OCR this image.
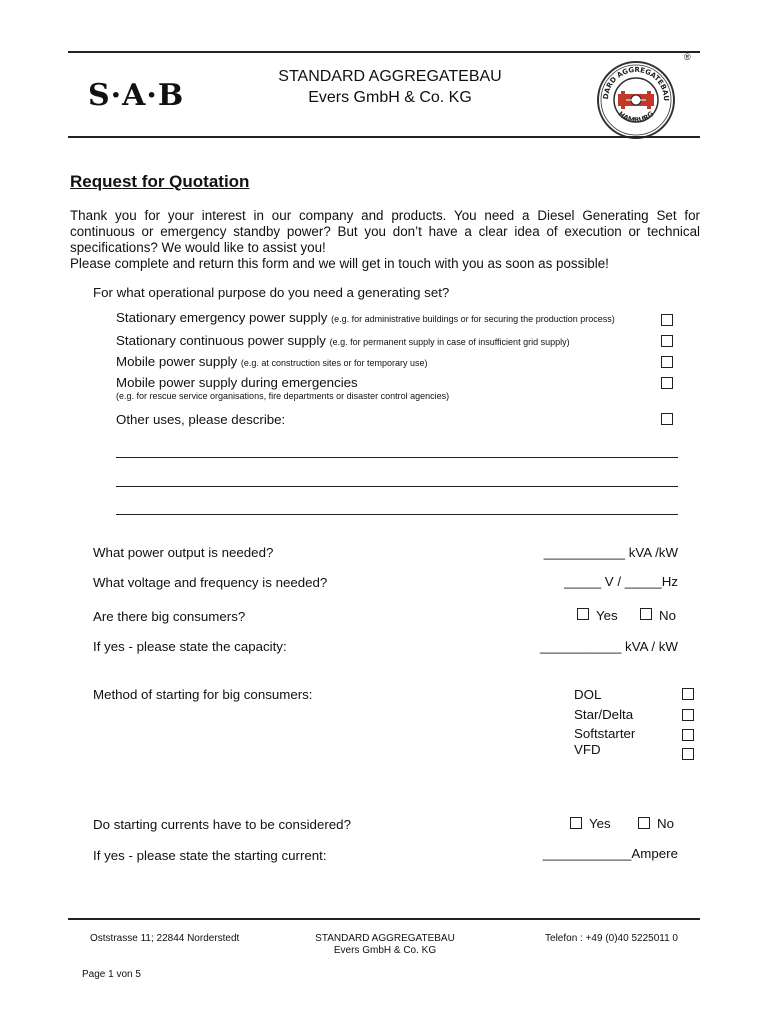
S·A·B
STANDARD AGGREGATEBAU
Evers GmbH & Co. KG
®
DARD AGGREGATEBAU
HAMBURG
Request for Quotation
Thank you for your interest in our company and products. You need a Diesel Generating Set for continuous or emergency standby power? But you don’t have a clear idea of execution or technical specifications? We would like to assist you!
Please complete and return this form and we will get in touch with you as soon as possible!
For what operational purpose do you need a generating set?
Stationary emergency power supply (e.g. for administrative buildings or for securing the production process)
Stationary continuous power supply (e.g. for permanent supply in case of insufficient grid supply)
Mobile power supply (e.g. at construction sites or for temporary use)
Mobile power supply during emergencies
(e.g. for rescue service organisations, fire departments or disaster control agencies)
Other uses, please describe:
What power output is needed?	___________ kVA /kW
What voltage and frequency is needed?	_____ V / _____Hz
Are there big consumers?	Yes	No
If yes - please state the capacity:	___________ kVA / kW
Method of starting for big consumers:	DOL
Star/Delta
Softstarter
VFD
Do starting currents have to be considered?	Yes	No
If yes - please state the starting current:	____________Ampere
Oststrasse 11; 22844 Norderstedt	STANDARD AGGREGATEBAU
Evers GmbH & Co. KG
Telefon : +49 (0)40 5225011 0
Page 1 von 5
